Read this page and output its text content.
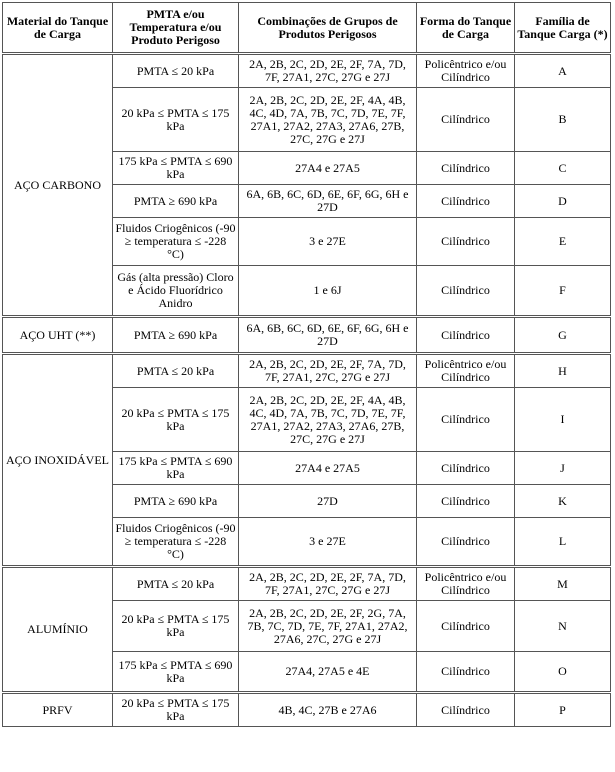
Material do Tanque de Carga	PMTA e/ou Temperatura e/ou Produto Perigoso	Combinações de Grupos de Produtos Perigosos	Forma do Tanque de Carga	Família de Tanque Carga (*)

AÇO CARBONO	PMTA ≤ 20 kPa	2A, 2B, 2C, 2D, 2E, 2F, 7A, 7D, 7F, 27A1, 27C, 27G e 27J	Policêntrico e/ou Cilíndrico	A
	20 kPa ≤ PMTA ≤ 175 kPa	2A, 2B, 2C, 2D, 2E, 2F, 4A, 4B, 4C, 4D, 7A, 7B, 7C, 7D, 7E, 7F, 27A1, 27A2, 27A3, 27A6, 27B, 27C, 27G e 27J	Cilíndrico	B
	175 kPa ≤ PMTA ≤ 690 kPa	27A4 e 27A5	Cilíndrico	C
	PMTA ≥ 690 kPa	6A, 6B, 6C, 6D, 6E, 6F, 6G, 6H e 27D	Cilíndrico	D
	Fluidos Criogênicos (-90 ≥ temperatura ≤ -228 °C)	3 e 27E	Cilíndrico	E
	Gás (alta pressão) Cloro e Ácido Fluorídrico Anidro	1 e 6J	Cilíndrico	F

AÇO UHT (**)	PMTA ≥ 690 kPa	6A, 6B, 6C, 6D, 6E, 6F, 6G, 6H e 27D	Cilíndrico	G

AÇO INOXIDÁVEL	PMTA ≤ 20 kPa	2A, 2B, 2C, 2D, 2E, 2F, 7A, 7D, 7F, 27A1, 27C, 27G e 27J	Policêntrico e/ou Cilíndrico	H
	20 kPa ≤ PMTA ≤ 175 kPa	2A, 2B, 2C, 2D, 2E, 2F, 4A, 4B, 4C, 4D, 7A, 7B, 7C, 7D, 7E, 7F, 27A1, 27A2, 27A3, 27A6, 27B, 27C, 27G e 27J	Cilíndrico	I
	175 kPa ≤ PMTA ≤ 690 kPa	27A4 e 27A5	Cilíndrico	J
	PMTA ≥ 690 kPa	27D	Cilíndrico	K
	Fluidos Criogênicos (-90 ≥ temperatura ≤ -228 °C)	3 e 27E	Cilíndrico	L

ALUMÍNIO	PMTA ≤ 20 kPa	2A, 2B, 2C, 2D, 2E, 2F, 7A, 7D, 7F, 27A1, 27C, 27G e 27J	Policêntrico e/ou Cilíndrico	M
	20 kPa ≤ PMTA ≤ 175 kPa	2A, 2B, 2C, 2D, 2E, 2F, 2G, 7A, 7B, 7C, 7D, 7E, 7F, 27A1, 27A2, 27A6, 27C, 27G e 27J	Cilíndrico	N
	175 kPa ≤ PMTA ≤ 690 kPa	27A4, 27A5 e 4E	Cilíndrico	O

PRFV	20 kPa ≤ PMTA ≤ 175 kPa	4B, 4C, 27B e 27A6	Cilíndrico	P
